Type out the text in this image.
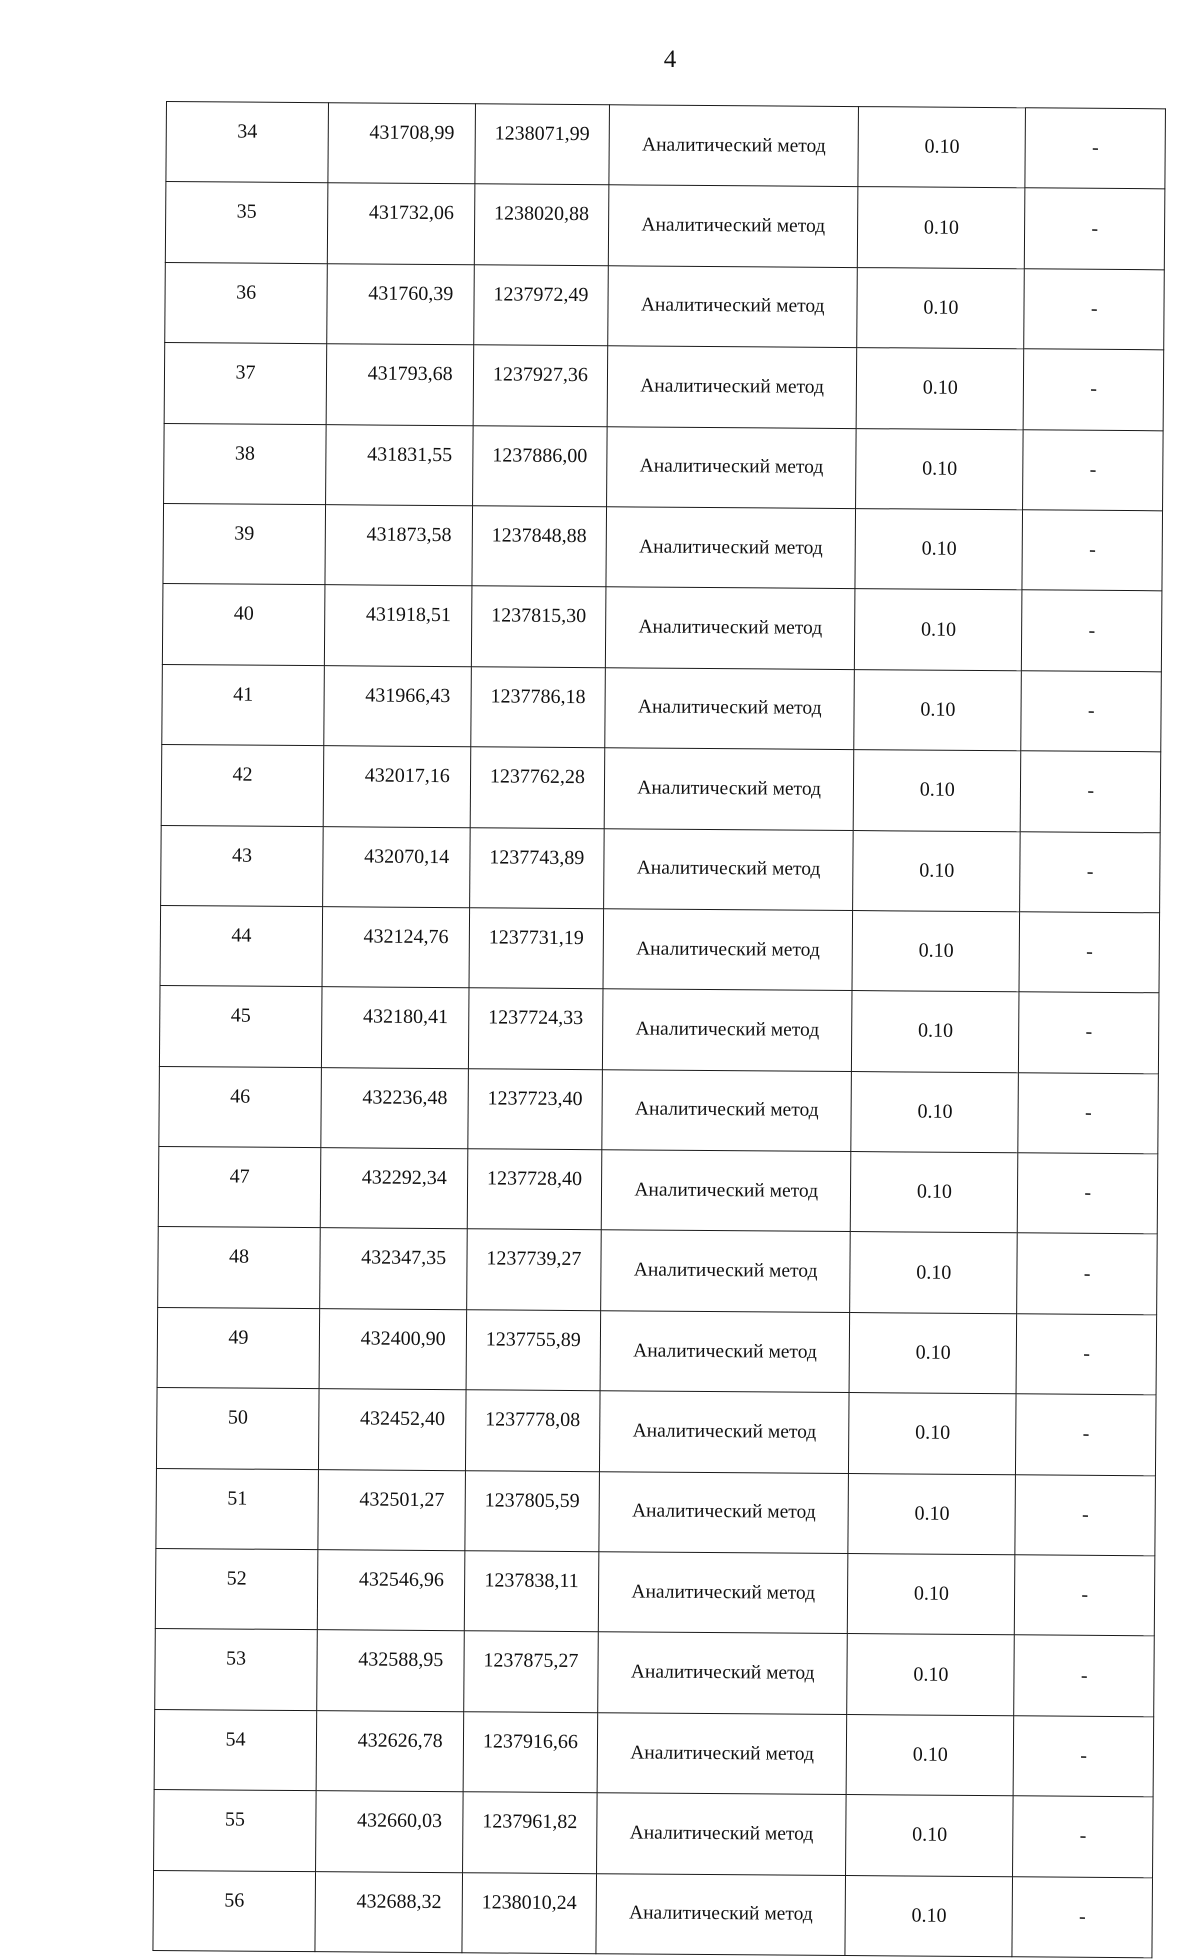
4
34	431708,99	1238071,99	Аналитический метод	0.10	-
35	431732,06	1238020,88	Аналитический метод	0.10	-
36	431760,39	1237972,49	Аналитический метод	0.10	-
37	431793,68	1237927,36	Аналитический метод	0.10	-
38	431831,55	1237886,00	Аналитический метод	0.10	-
39	431873,58	1237848,88	Аналитический метод	0.10	-
40	431918,51	1237815,30	Аналитический метод	0.10	-
41	431966,43	1237786,18	Аналитический метод	0.10	-
42	432017,16	1237762,28	Аналитический метод	0.10	-
43	432070,14	1237743,89	Аналитический метод	0.10	-
44	432124,76	1237731,19	Аналитический метод	0.10	-
45	432180,41	1237724,33	Аналитический метод	0.10	-
46	432236,48	1237723,40	Аналитический метод	0.10	-
47	432292,34	1237728,40	Аналитический метод	0.10	-
48	432347,35	1237739,27	Аналитический метод	0.10	-
49	432400,90	1237755,89	Аналитический метод	0.10	-
50	432452,40	1237778,08	Аналитический метод	0.10	-
51	432501,27	1237805,59	Аналитический метод	0.10	-
52	432546,96	1237838,11	Аналитический метод	0.10	-
53	432588,95	1237875,27	Аналитический метод	0.10	-
54	432626,78	1237916,66	Аналитический метод	0.10	-
55	432660,03	1237961,82	Аналитический метод	0.10	-
56	432688,32	1238010,24	Аналитический метод	0.10	-
